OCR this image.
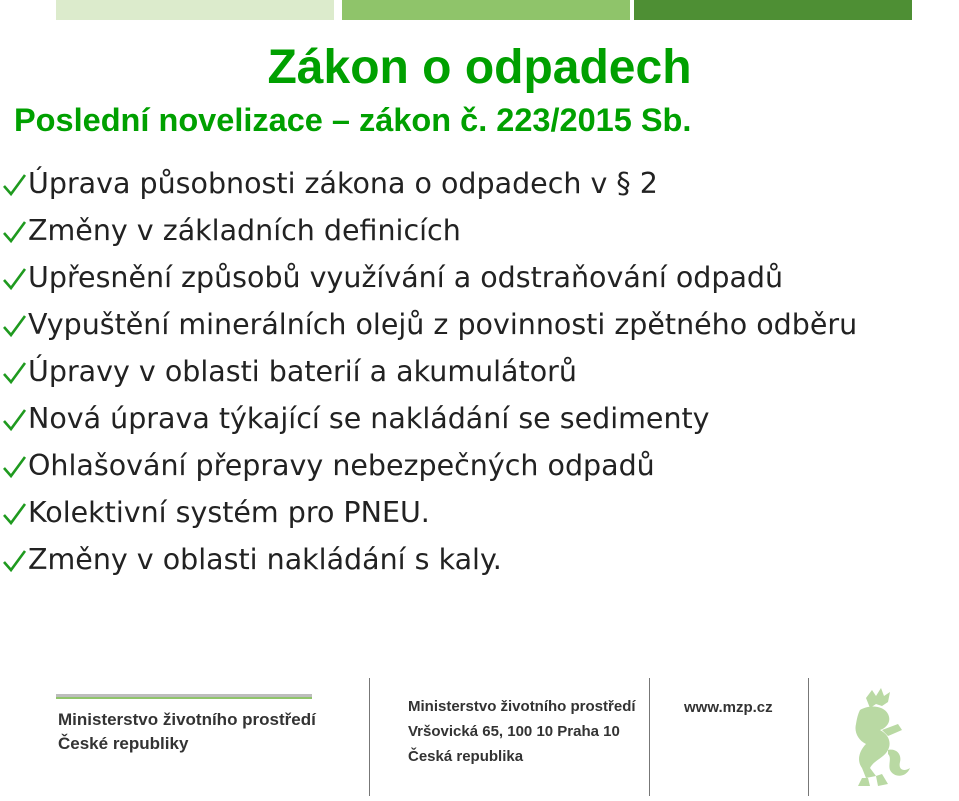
Zákon o odpadech
Poslední novelizace – zákon č. 223/2015 Sb.
Úprava působnosti zákona o odpadech v § 2
Změny v základních definicích
Upřesnění způsobů využívání a odstraňování odpadů
Vypuštění minerálních olejů z povinnosti zpětného odběru
Úpravy v oblasti baterií a akumulátorů
Nová úprava týkající se nakládání se sedimenty
Ohlašování přepravy nebezpečných odpadů
Kolektivní systém pro PNEU.
Změny v oblasti nakládání s kaly.
Ministerstvo životního prostředí
České republiky
Ministerstvo životního prostředí
Vršovická 65, 100 10 Praha 10
Česká republika
www.mzp.cz
